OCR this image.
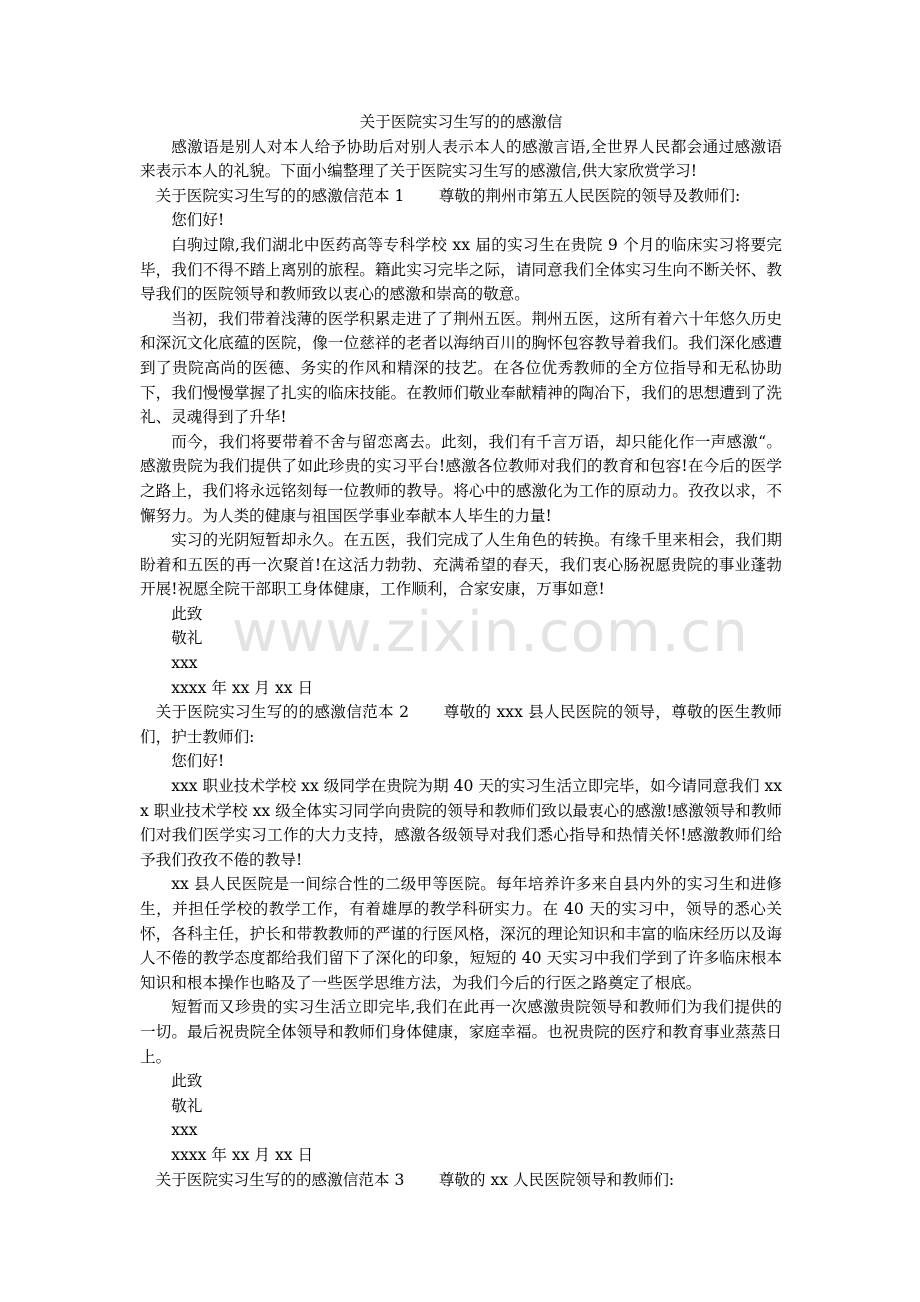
www.zixin.com.cn

关于医院实习生写的的感激信

感激语是别人对本人给予协助后对别人表示本人的感激言语,全世界人民都会通过感激语来表示本人的礼貌。下面小编整理了关于医院实习生写的感激信,供大家欣赏学习!

关于医院实习生写的的感激信范本 1 尊敬的荆州市第五人民医院的领导及教师们:

您们好!

白驹过隙,我们湖北中医药高等专科学校 xx 届的实习生在贵院 9 个月的临床实习将要完毕，我们不得不踏上离别的旅程。籍此实习完毕之际，请同意我们全体实习生向不断关怀、教导我们的医院领导和教师致以衷心的感激和崇高的敬意。

当初，我们带着浅薄的医学积累走进了了荆州五医。荆州五医，这所有着六十年悠久历史和深沉文化底蕴的医院，像一位慈祥的老者以海纳百川的胸怀包容教导着我们。我们深化感遭到了贵院高尚的医德、务实的作风和精深的技艺。在各位优秀教师的全方位指导和无私协助下，我们慢慢掌握了扎实的临床技能。在教师们敬业奉献精神的陶冶下，我们的思想遭到了洗礼、灵魂得到了升华!

而今，我们将要带着不舍与留恋离去。此刻，我们有千言万语，却只能化作一声感激“。感激贵院为我们提供了如此珍贵的实习平台!感激各位教师对我们的教育和包容!在今后的医学之路上，我们将永远铭刻每一位教师的教导。将心中的感激化为工作的原动力。孜孜以求，不懈努力。为人类的健康与祖国医学事业奉献本人毕生的力量!

实习的光阴短暂却永久。在五医，我们完成了人生角色的转换。有缘千里来相会，我们期盼着和五医的再一次聚首!在这活力勃勃、充满希望的春天，我们衷心肠祝愿贵院的事业蓬勃开展!祝愿全院干部职工身体健康，工作顺利，合家安康，万事如意!

此致

敬礼

xxx

xxxx 年 xx 月 xx 日

关于医院实习生写的的感激信范本 2 尊敬的 xxx 县人民医院的领导，尊敬的医生教师们，护士教师们:

您们好!

xxx 职业技术学校 xx 级同学在贵院为期 40 天的实习生活立即完毕，如今请同意我们 xxx 职业技术学校 xx 级全体实习同学向贵院的领导和教师们致以最衷心的感激!感激领导和教师们对我们医学实习工作的大力支持，感激各级领导对我们悉心指导和热情关怀!感激教师们给予我们孜孜不倦的教导!

xx 县人民医院是一间综合性的二级甲等医院。每年培养许多来自县内外的实习生和进修生，并担任学校的教学工作，有着雄厚的教学科研实力。在 40 天的实习中，领导的悉心关怀，各科主任，护长和带教教师的严谨的行医风格，深沉的理论知识和丰富的临床经历以及诲人不倦的教学态度都给我们留下了深化的印象，短短的 40 天实习中我们学到了许多临床根本知识和根本操作也略及了一些医学思维方法，为我们今后的行医之路奠定了根底。

短暂而又珍贵的实习生活立即完毕,我们在此再一次感激贵院领导和教师们为我们提供的一切。最后祝贵院全体领导和教师们身体健康，家庭幸福。也祝贵院的医疗和教育事业蒸蒸日上。

此致

敬礼

xxx

xxxx 年 xx 月 xx 日

关于医院实习生写的的感激信范本 3 尊敬的 xx 人民医院领导和教师们:
